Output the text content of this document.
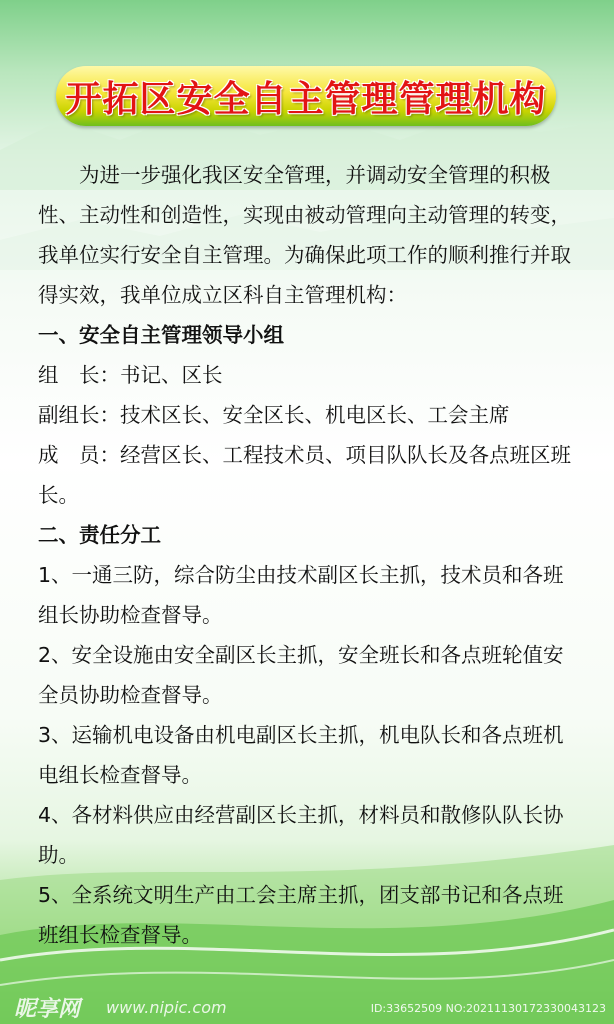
开拓区安全自主管理管理机构

为进一步强化我区安全管理，并调动安全管理的积极性、主动性和创造性，实现由被动管理向主动管理的转变，我单位实行安全自主管理。为确保此项工作的顺利推行并取得实效，我单位成立区科自主管理机构：

一、安全自主管理领导小组

组　长：书记、区长

副组长：技术区长、安全区长、机电区长、工会主席

成　员：经营区长、工程技术员、项目队队长及各点班区班长。

二、责任分工

1、一通三防，综合防尘由技术副区长主抓，技术员和各班组长协助检查督导。

2、安全设施由安全副区长主抓，安全班长和各点班轮值安全员协助检查督导。

3、运输机电设备由机电副区长主抓，机电队长和各点班机电组长检查督导。

4、各材料供应由经营副区长主抓，材料员和散修队队长协助。

5、全系统文明生产由工会主席主抓，团支部书记和各点班班组长检查督导。

昵享网 www.nipic.com	ID:33652509 NO:20211130172330043123
